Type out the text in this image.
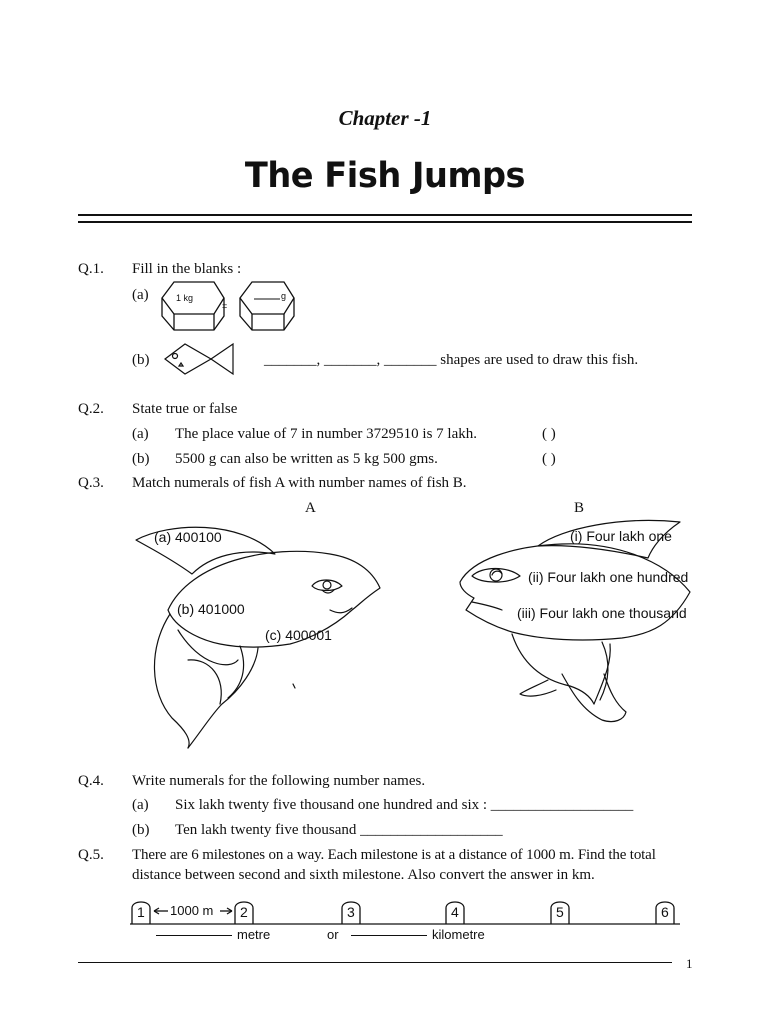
Chapter -1
The Fish Jumps
Q.1. Fill in the blanks :
(a)	1 kg
=
g
(b)	_______, _______, _______ shapes are used to draw this fish.
Q.2. State true or false
(a) The place value of 7 in number 3729510 is 7 lakh.	( )
(b) 5500 g can also be written as 5 kg 500 gms.	( )
Q.3. Match numerals of fish A with number names of fish B.
A	B
(a) 400100
(b) 401000
(c) 400001
(i) Four lakh one
(ii) Four lakh one hundred
(iii) Four lakh one thousand
Q.4. Write numerals for the following number names.
(a) Six lakh twenty five thousand one hundred and six : ___________________
(b) Ten lakh twenty five thousand ___________________
Q.5. There are 6 milestones on a way. Each milestone is at a distance of 1000 m. Find the total
distance between second and sixth milestone. Also convert the answer in km.
1	2	3	4	5	6
1000 m
metre	or	kilometre
1
